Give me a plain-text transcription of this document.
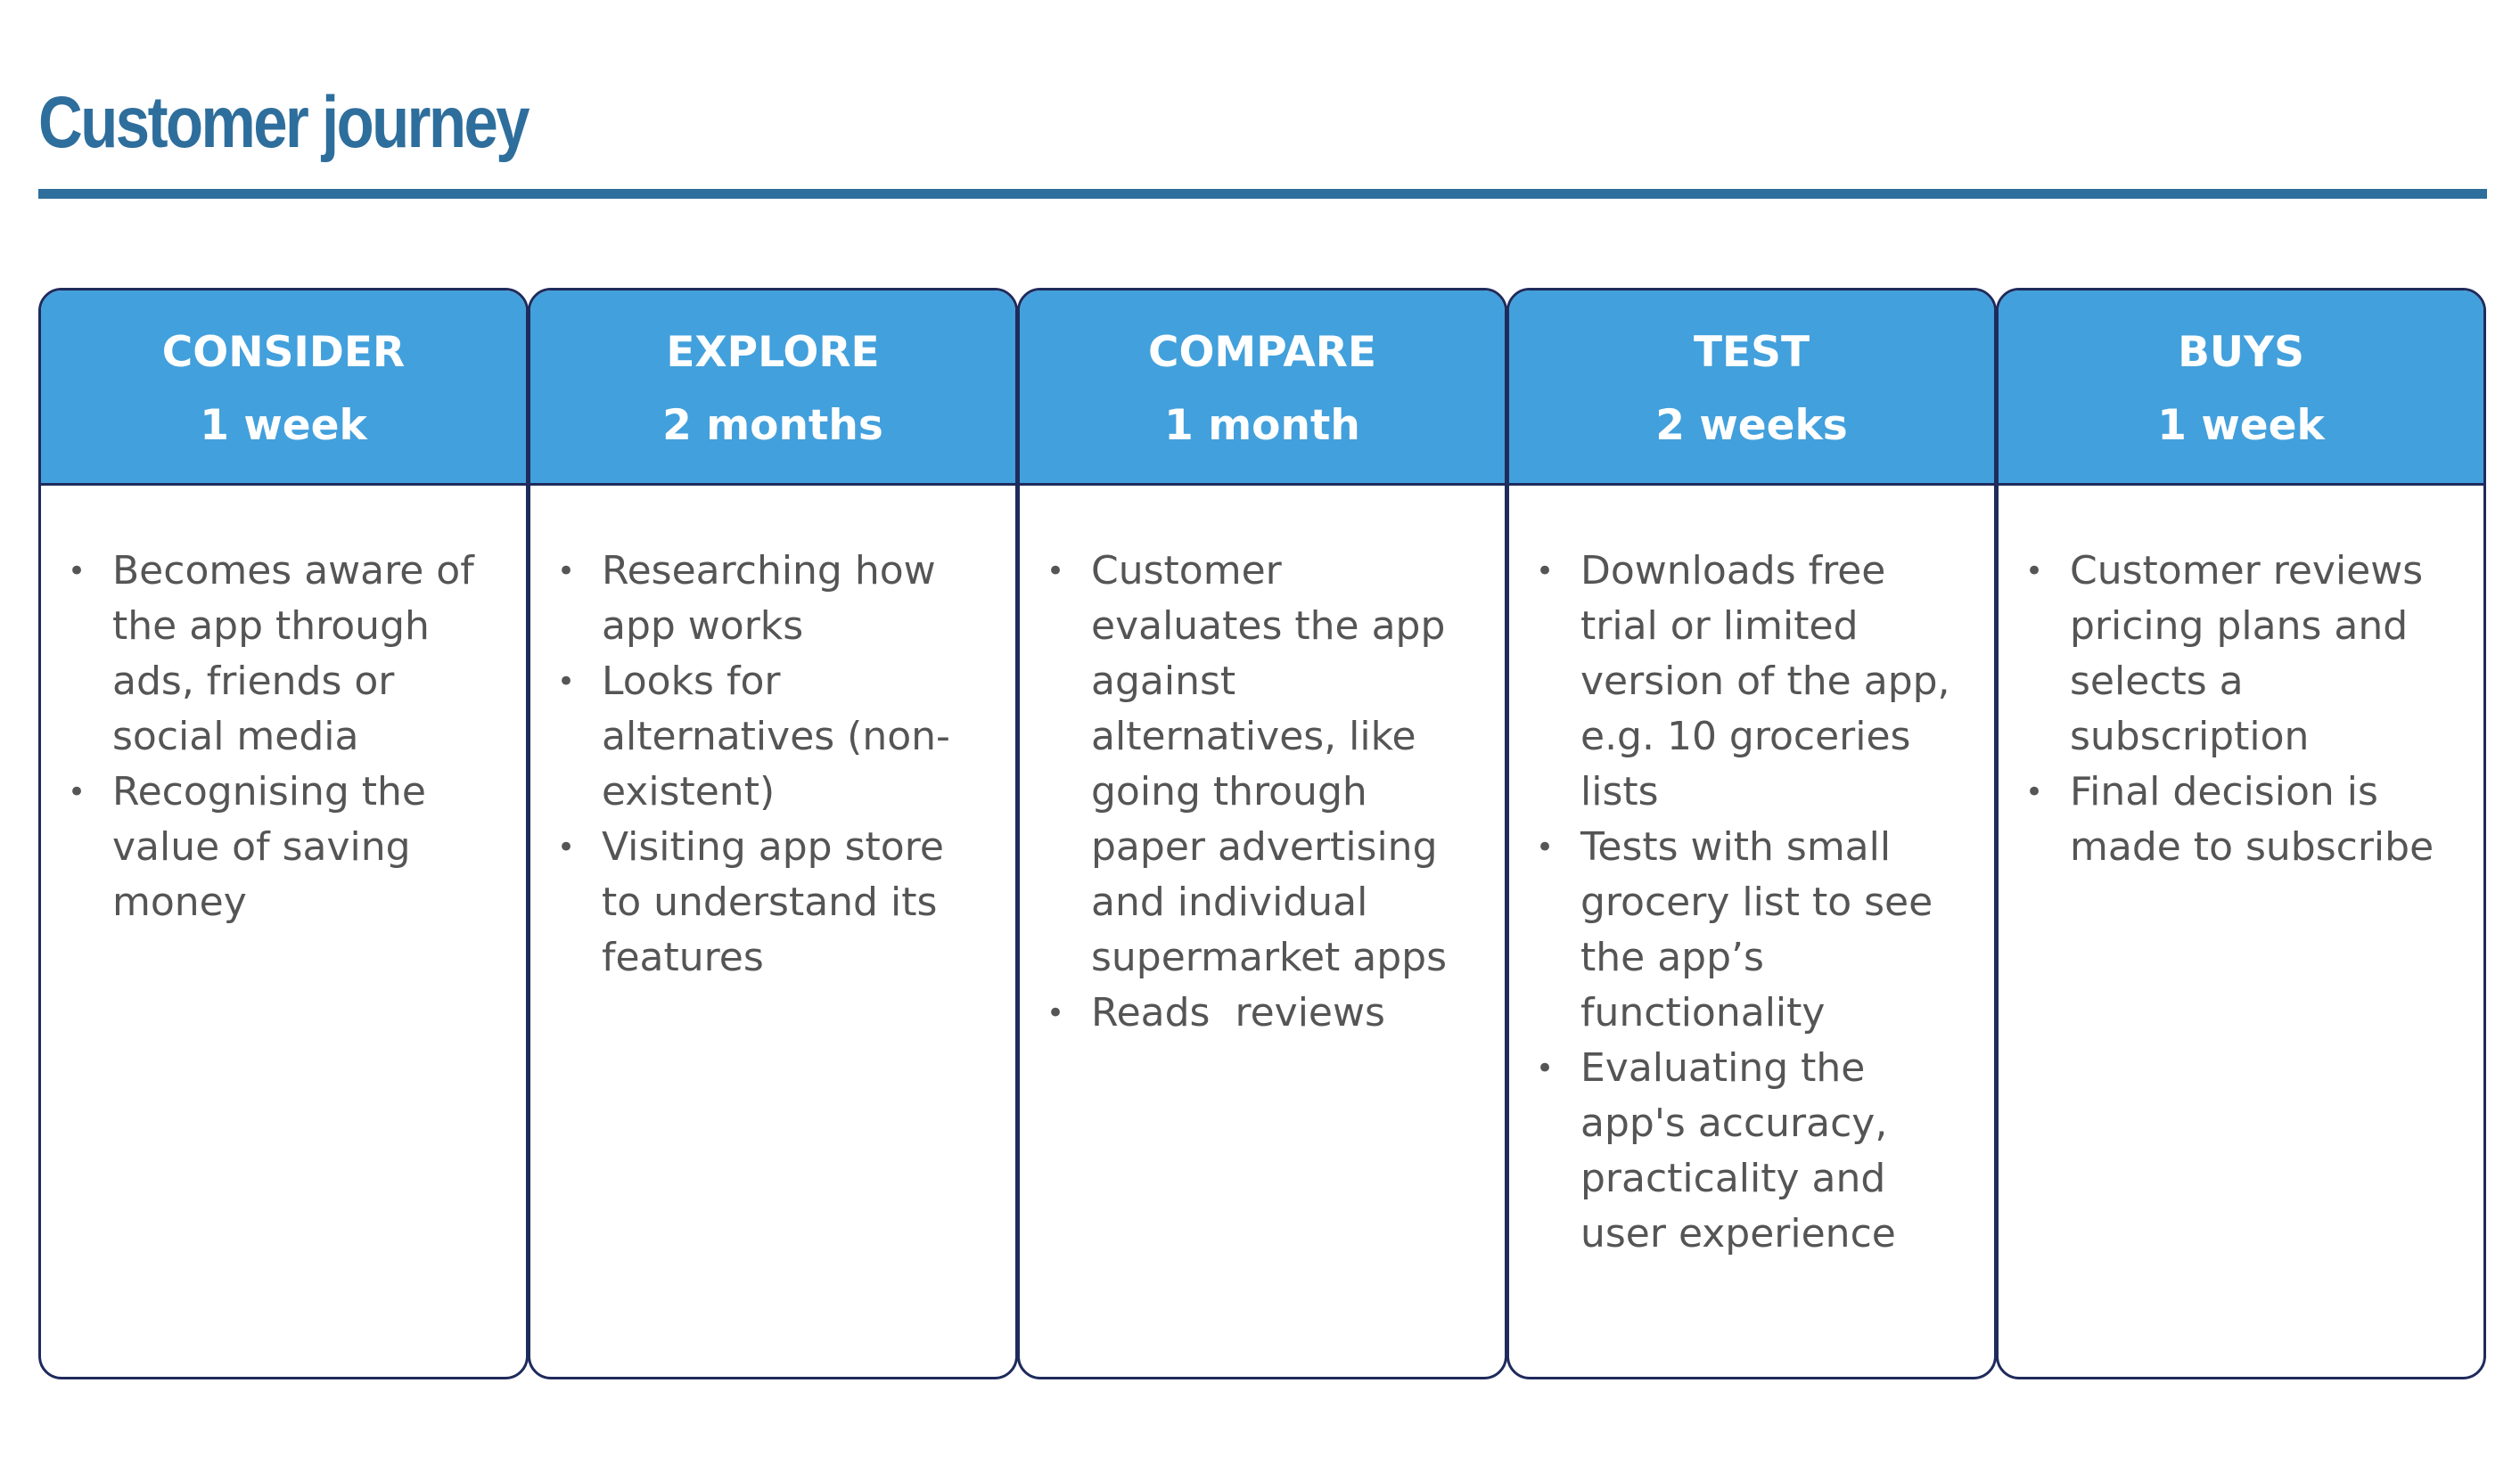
Customer journey
CONSIDER
1 week
• Becomes aware of the app through ads, friends or social media
• Recognising the value of saving money
EXPLORE
2 months
• Researching how app works
• Looks for alternatives (non-existent)
• Visiting app store to understand its features
COMPARE
1 month
• Customer evaluates the app against alternatives, like going through paper advertising and individual supermarket apps
• Reads  reviews
TEST
2 weeks
• Downloads free trial or limited version of the app, e.g. 10 groceries lists
• Tests with small grocery list to see the app’s functionality
• Evaluating the app's accuracy, practicality and user experience
BUYS
1 week
• Customer reviews pricing plans and selects a subscription
• Final decision is made to subscribe
